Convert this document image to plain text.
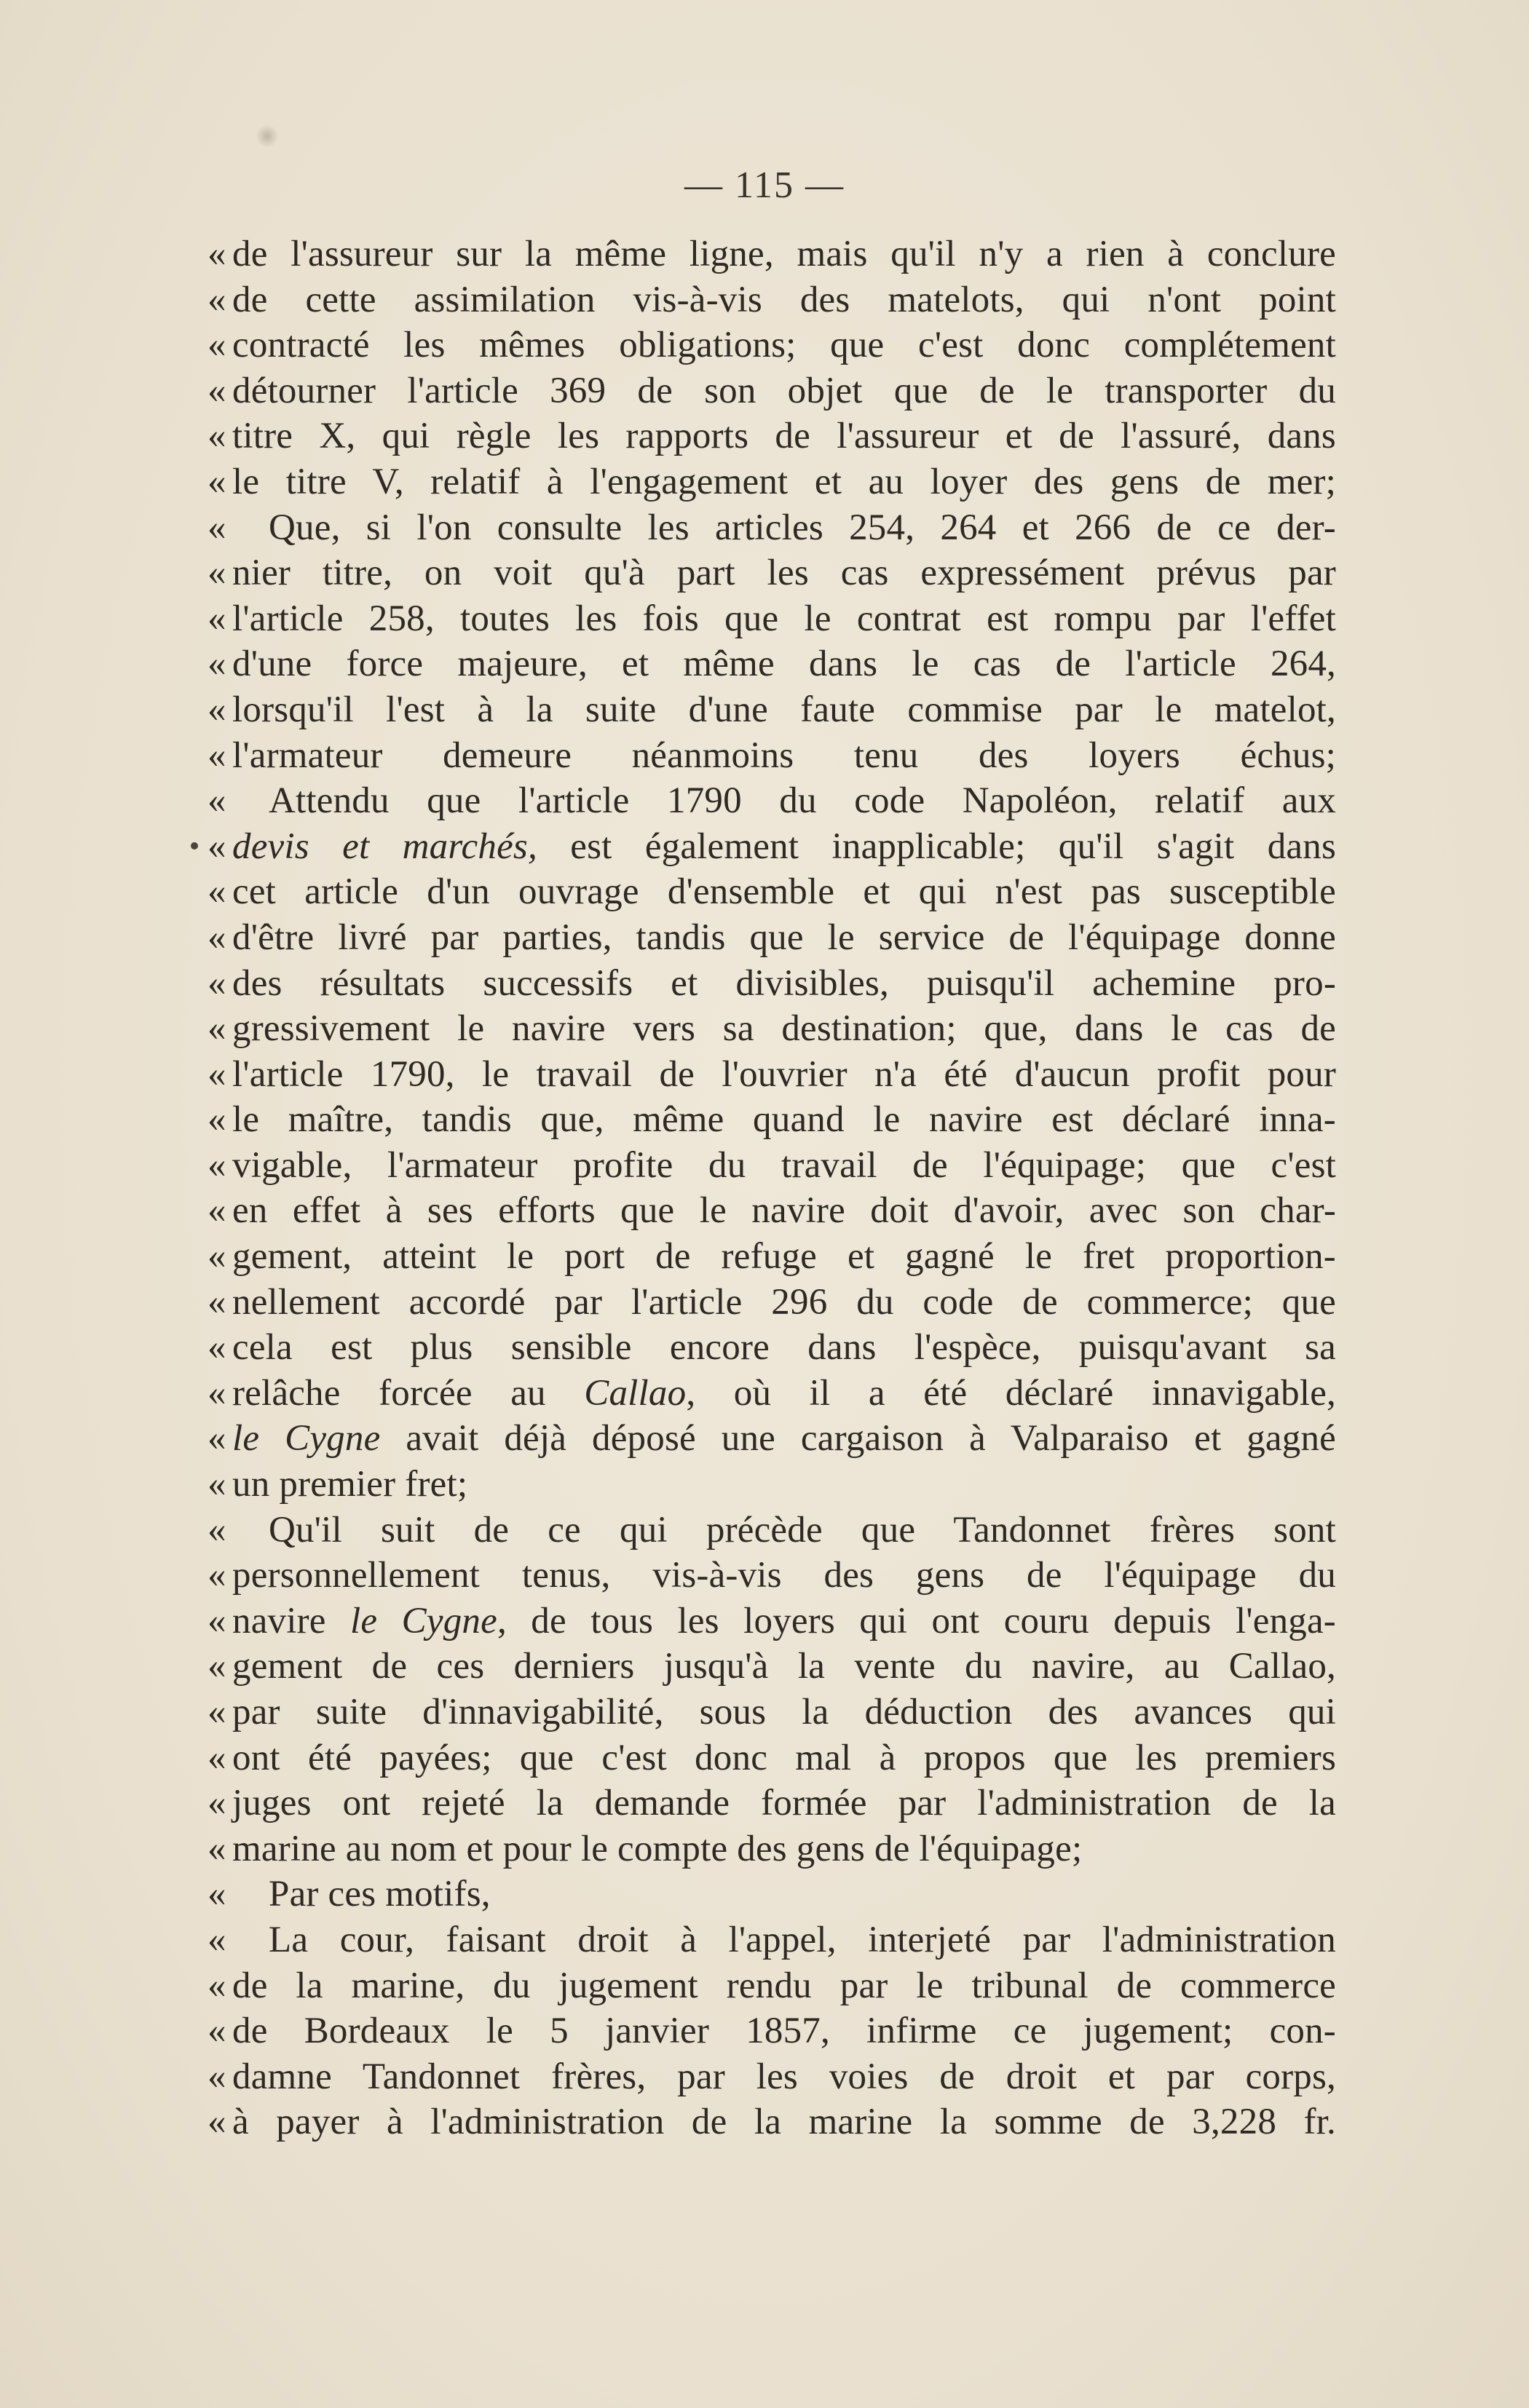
— 115 —
« de l'assureur sur la même ligne, mais qu'il n'y a rien à conclure
« de cette assimilation vis-à-vis des matelots, qui n'ont point
« contracté les mêmes obligations; que c'est donc complétement
« détourner l'article 369 de son objet que de le transporter du
« titre X, qui règle les rapports de l'assureur et de l'assuré, dans
« le titre V, relatif à l'engagement et au loyer des gens de mer;
« Que, si l'on consulte les articles 254, 264 et 266 de ce der-
« nier titre, on voit qu'à part les cas expressément prévus par
« l'article 258, toutes les fois que le contrat est rompu par l'effet
« d'une force majeure, et même dans le cas de l'article 264,
« lorsqu'il l'est à la suite d'une faute commise par le matelot,
« l'armateur demeure néanmoins tenu des loyers échus;
« Attendu que l'article 1790 du code Napoléon, relatif aux
« devis et marchés, est également inapplicable; qu'il s'agit dans
« cet article d'un ouvrage d'ensemble et qui n'est pas susceptible
« d'être livré par parties, tandis que le service de l'équipage donne
« des résultats successifs et divisibles, puisqu'il achemine pro-
« gressivement le navire vers sa destination; que, dans le cas de
« l'article 1790, le travail de l'ouvrier n'a été d'aucun profit pour
« le maître, tandis que, même quand le navire est déclaré inna-
« vigable, l'armateur profite du travail de l'équipage; que c'est
« en effet à ses efforts que le navire doit d'avoir, avec son char-
« gement, atteint le port de refuge et gagné le fret proportion-
« nellement accordé par l'article 296 du code de commerce; que
« cela est plus sensible encore dans l'espèce, puisqu'avant sa
« relâche forcée au Callao, où il a été déclaré innavigable,
« le Cygne avait déjà déposé une cargaison à Valparaiso et gagné
« un premier fret;
« Qu'il suit de ce qui précède que Tandonnet frères sont
« personnellement tenus, vis-à-vis des gens de l'équipage du
« navire le Cygne, de tous les loyers qui ont couru depuis l'enga-
« gement de ces derniers jusqu'à la vente du navire, au Callao,
« par suite d'innavigabilité, sous la déduction des avances qui
« ont été payées; que c'est donc mal à propos que les premiers
« juges ont rejeté la demande formée par l'administration de la
« marine au nom et pour le compte des gens de l'équipage;
« Par ces motifs,
« La cour, faisant droit à l'appel, interjeté par l'administration
« de la marine, du jugement rendu par le tribunal de commerce
« de Bordeaux le 5 janvier 1857, infirme ce jugement; con-
« damne Tandonnet frères, par les voies de droit et par corps,
« à payer à l'administration de la marine la somme de 3,228 fr.
